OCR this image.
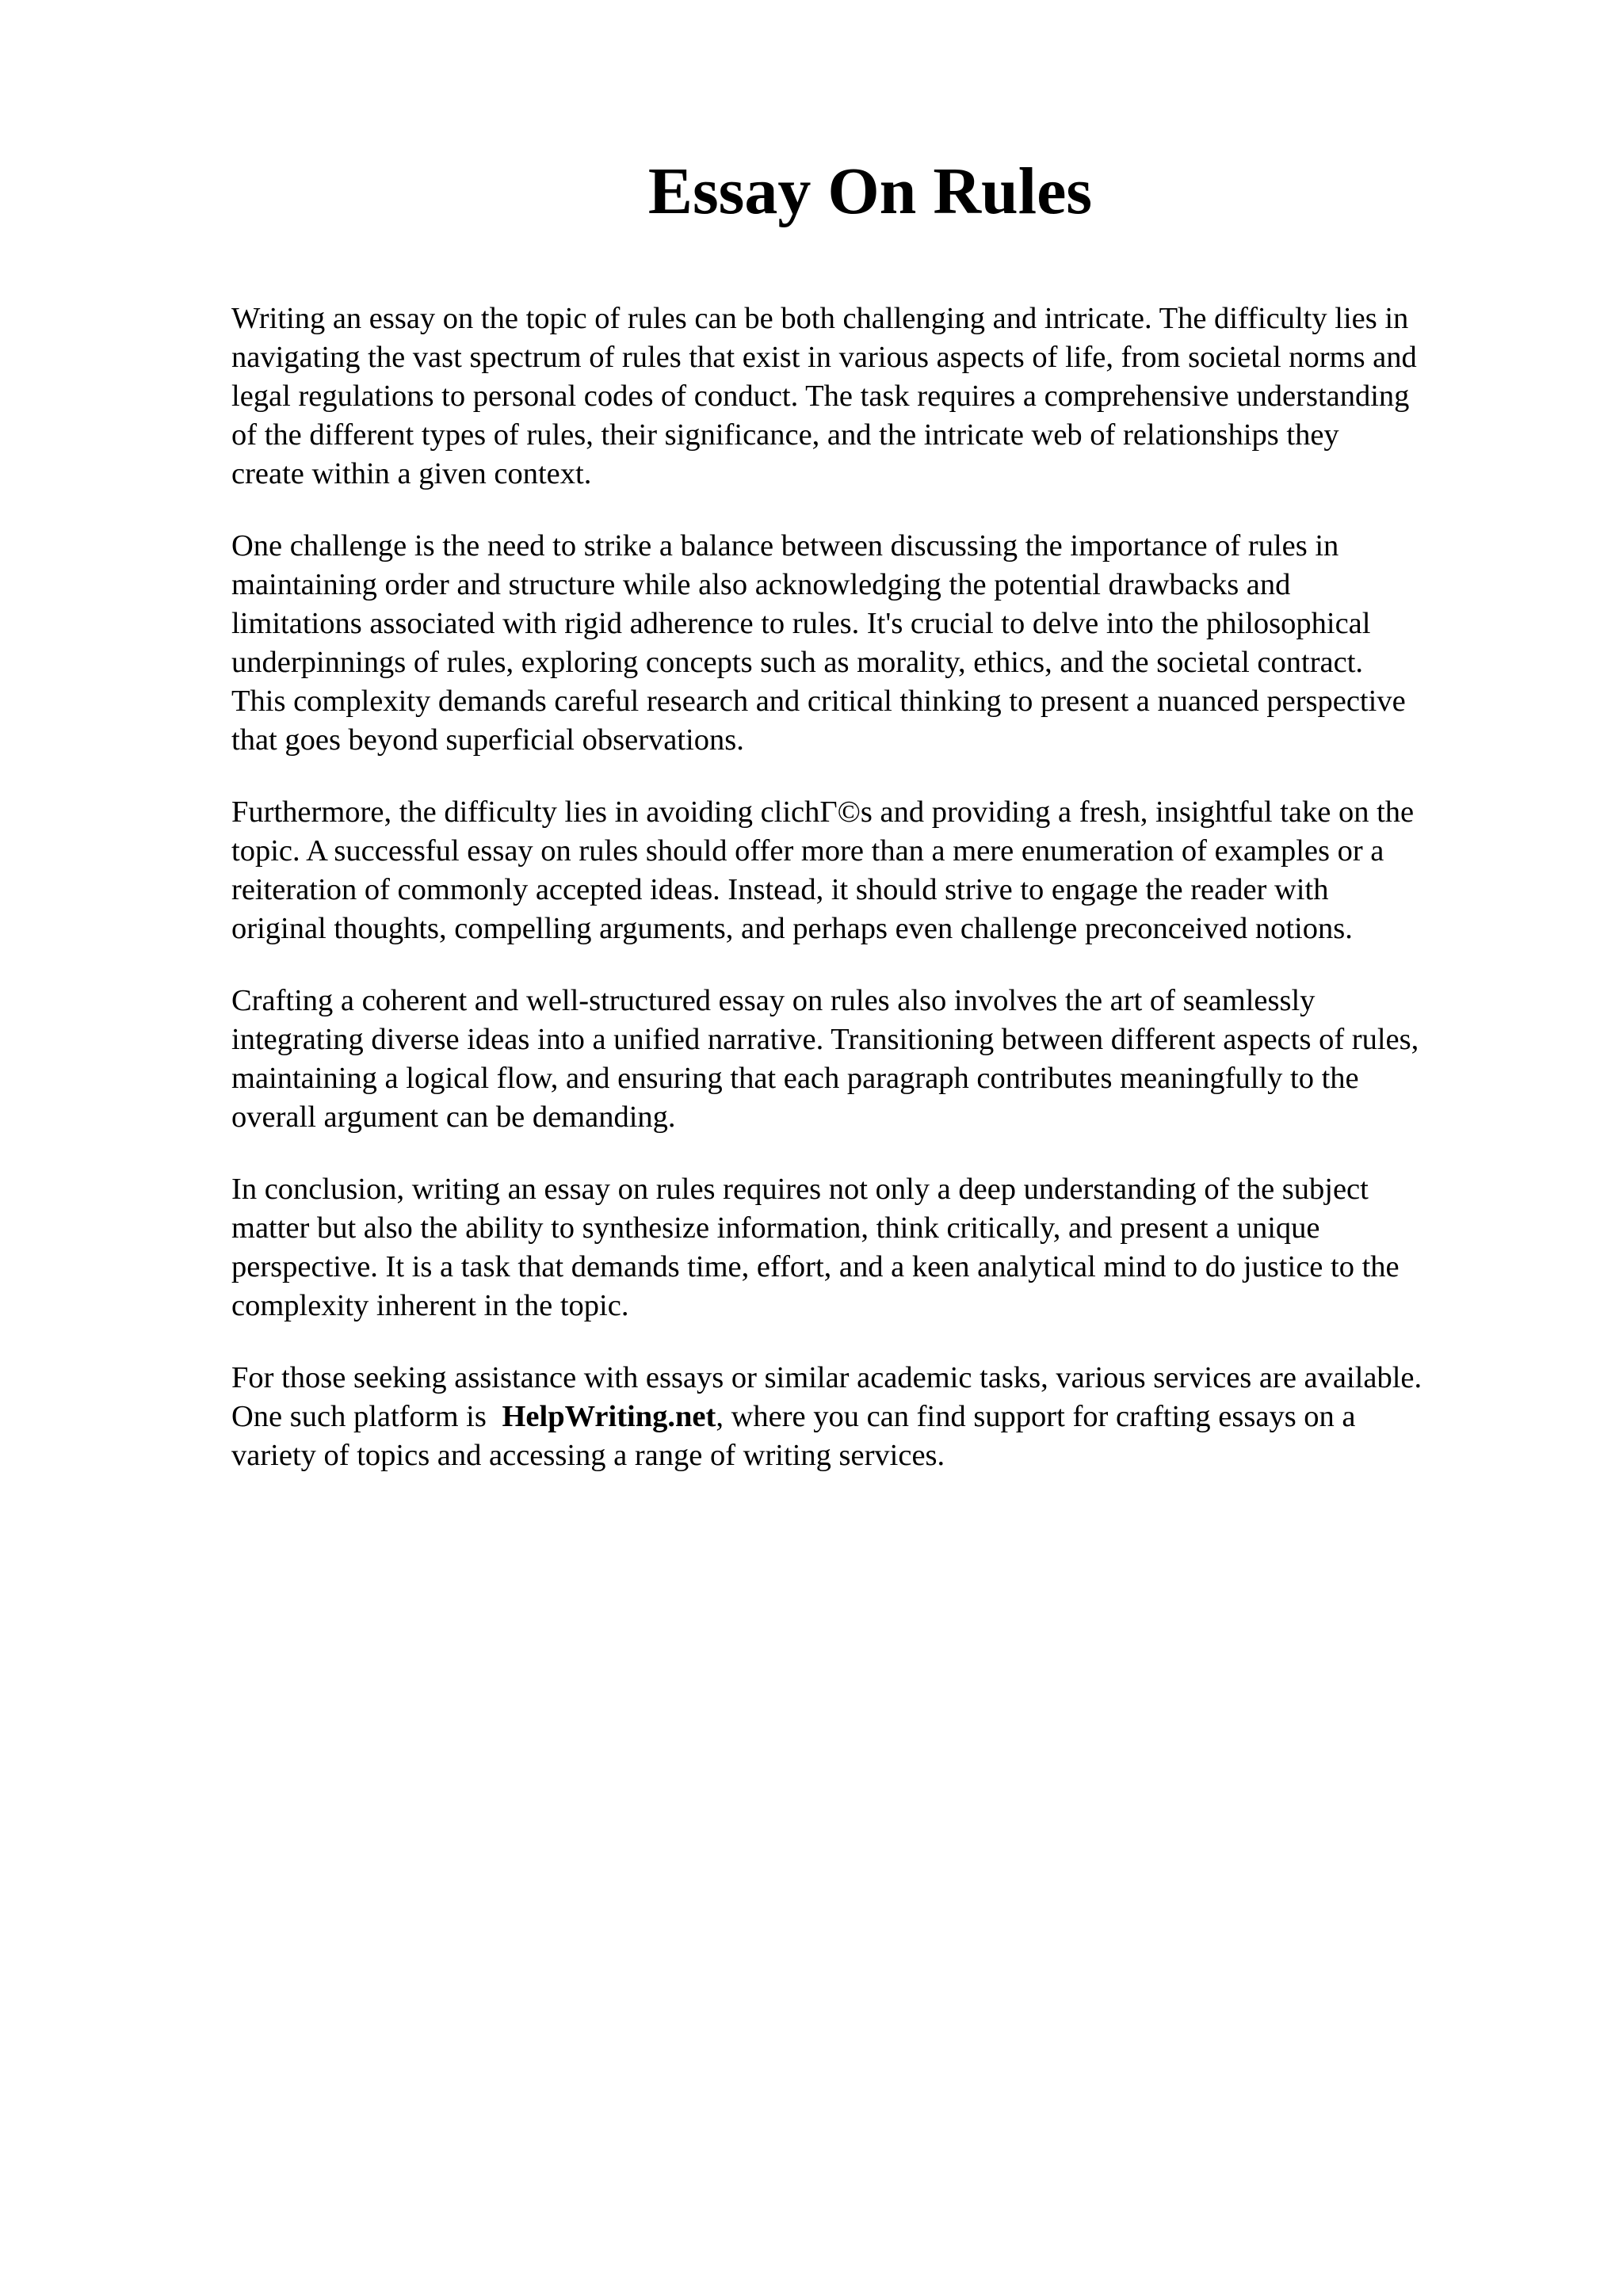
Essay On Rules

Writing an essay on the topic of rules can be both challenging and intricate. The difficulty lies in
navigating the vast spectrum of rules that exist in various aspects of life, from societal norms and
legal regulations to personal codes of conduct. The task requires a comprehensive understanding
of the different types of rules, their significance, and the intricate web of relationships they
create within a given context.

One challenge is the need to strike a balance between discussing the importance of rules in
maintaining order and structure while also acknowledging the potential drawbacks and
limitations associated with rigid adherence to rules. It's crucial to delve into the philosophical
underpinnings of rules, exploring concepts such as morality, ethics, and the societal contract.
This complexity demands careful research and critical thinking to present a nuanced perspective
that goes beyond superficial observations.

Furthermore, the difficulty lies in avoiding clichГ©s and providing a fresh, insightful take on the
topic. A successful essay on rules should offer more than a mere enumeration of examples or a
reiteration of commonly accepted ideas. Instead, it should strive to engage the reader with
original thoughts, compelling arguments, and perhaps even challenge preconceived notions.

Crafting a coherent and well-structured essay on rules also involves the art of seamlessly
integrating diverse ideas into a unified narrative. Transitioning between different aspects of rules,
maintaining a logical flow, and ensuring that each paragraph contributes meaningfully to the
overall argument can be demanding.

In conclusion, writing an essay on rules requires not only a deep understanding of the subject
matter but also the ability to synthesize information, think critically, and present a unique
perspective. It is a task that demands time, effort, and a keen analytical mind to do justice to the
complexity inherent in the topic.

For those seeking assistance with essays or similar academic tasks, various services are available.
One such platform is HelpWriting.net, where you can find support for crafting essays on a
variety of topics and accessing a range of writing services.
